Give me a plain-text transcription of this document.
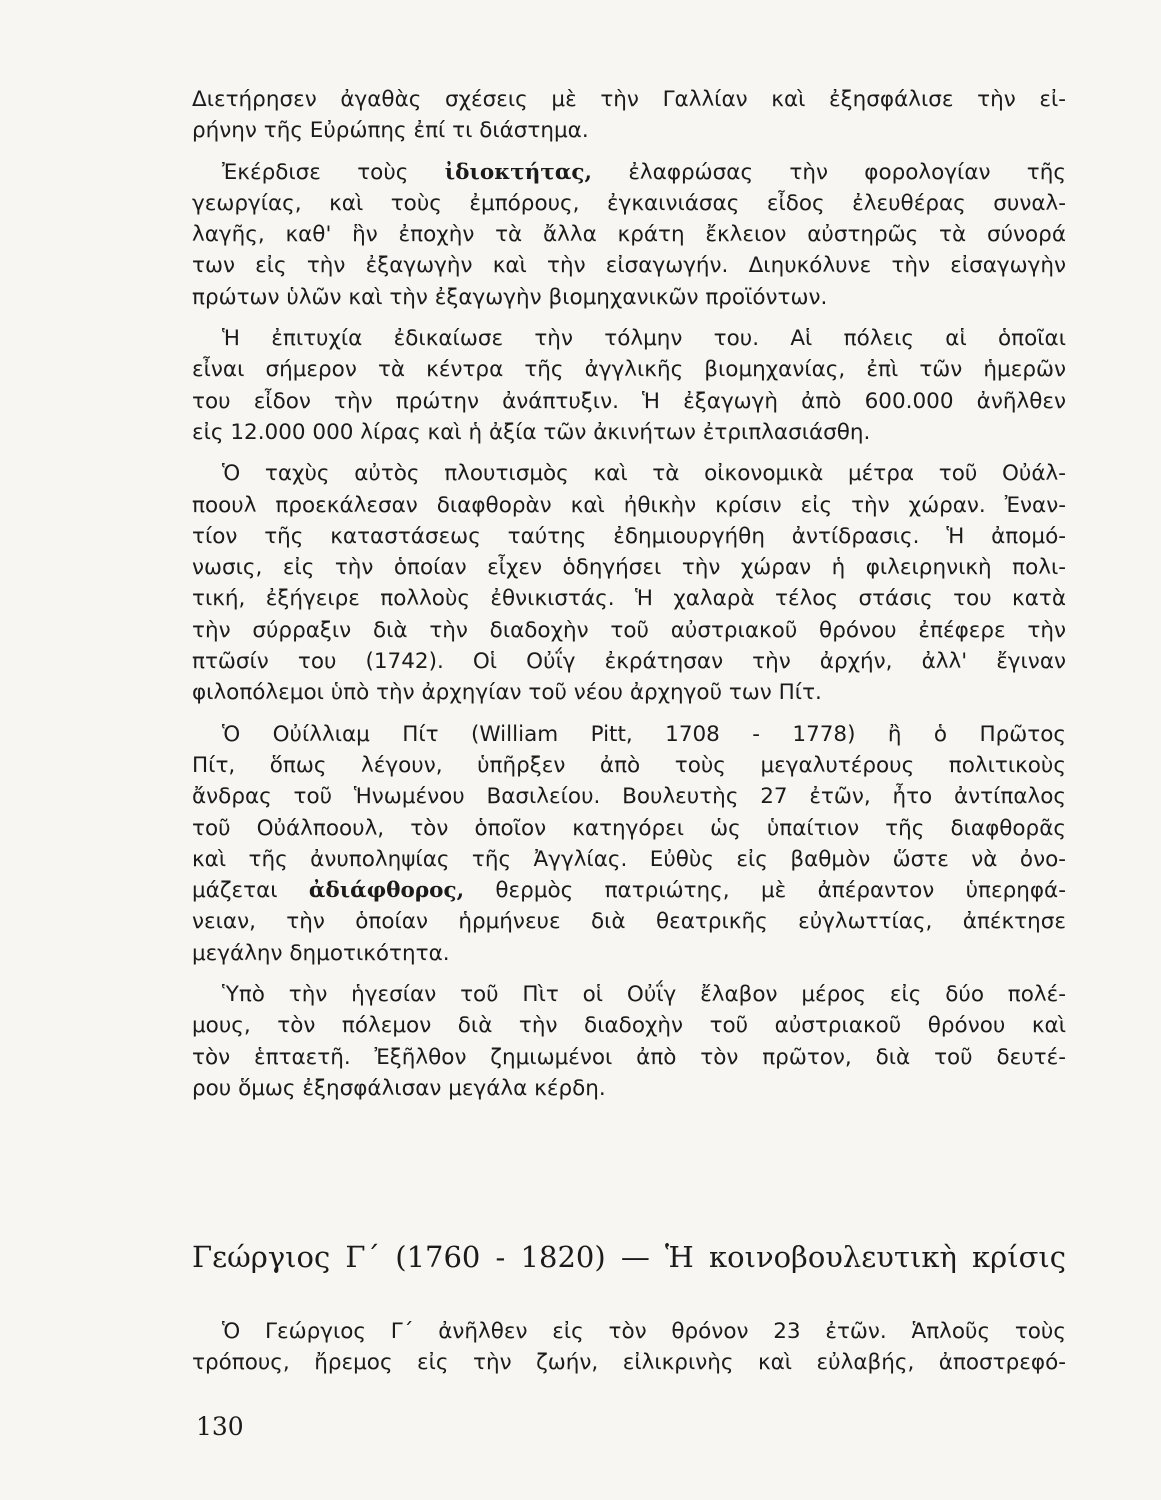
Διετήρησεν ἀγαθὰς σχέσεις μὲ τὴν Γαλλίαν καὶ ἐξησφάλισε τὴν εἰ-
ρήνην τῆς Εὐρώπης ἐπί τι διάστημα.
Ἐκέρδισε τοὺς ἰδιοκτήτας, ἐλαφρώσας τὴν φορολογίαν τῆς
γεωργίας, καὶ τοὺς ἐμπόρους, ἐγκαινιάσας εἶδος ἐλευθέρας συναλ-
λαγῆς, καθ' ἣν ἐποχὴν τὰ ἄλλα κράτη ἔκλειον αὐστηρῶς τὰ σύνορά
των εἰς τὴν ἐξαγωγὴν καὶ τὴν εἰσαγωγήν. Διηυκόλυνε τὴν εἰσαγωγὴν
πρώτων ὑλῶν καὶ τὴν ἐξαγωγὴν βιομηχανικῶν προϊόντων.
Ἡ ἐπιτυχία ἐδικαίωσε τὴν τόλμην του. Αἱ πόλεις αἱ ὁποῖαι
εἶναι σήμερον τὰ κέντρα τῆς ἀγγλικῆς βιομηχανίας, ἐπὶ τῶν ἡμερῶν
του εἶδον τὴν πρώτην ἀνάπτυξιν. Ἡ ἐξαγωγὴ ἀπὸ 600.000 ἀνῆλθεν
εἰς 12.000 000 λίρας καὶ ἡ ἀξία τῶν ἀκινήτων ἐτριπλασιάσθη.
Ὁ ταχὺς αὐτὸς πλουτισμὸς καὶ τὰ οἰκονομικὰ μέτρα τοῦ Οὐάλ-
ποουλ προεκάλεσαν διαφθορὰν καὶ ἠθικὴν κρίσιν εἰς τὴν χώραν. Ἐναν-
τίον τῆς καταστάσεως ταύτης ἐδημιουργήθη ἀντίδρασις. Ἡ ἀπομό-
νωσις, εἰς τὴν ὁποίαν εἶχεν ὁδηγήσει τὴν χώραν ἡ φιλειρηνικὴ πολι-
τική, ἐξήγειρε πολλοὺς ἐθνικιστάς. Ἡ χαλαρὰ τέλος στάσις του κατὰ
τὴν σύρραξιν διὰ τὴν διαδοχὴν τοῦ αὐστριακοῦ θρόνου ἐπέφερε τὴν
πτῶσίν του (1742). Οἱ Οὐΐγ ἐκράτησαν τὴν ἀρχήν, ἀλλ' ἔγιναν
φιλοπόλεμοι ὑπὸ τὴν ἀρχηγίαν τοῦ νέου ἀρχηγοῦ των Πίτ.
Ὁ Οὐίλλιαμ Πίτ (William Pitt, 1708 - 1778) ἢ ὁ Πρῶτος
Πίτ, ὅπως λέγουν, ὑπῆρξεν ἀπὸ τοὺς μεγαλυτέρους πολιτικοὺς
ἄνδρας τοῦ Ἡνωμένου Βασιλείου. Βουλευτὴς 27 ἐτῶν, ἦτο ἀντίπαλος
τοῦ Οὐάλποουλ, τὸν ὁποῖον κατηγόρει ὡς ὑπαίτιον τῆς διαφθορᾶς
καὶ τῆς ἀνυποληψίας τῆς Ἀγγλίας. Εὐθὺς εἰς βαθμὸν ὥστε νὰ ὀνο-
μάζεται ἀδιάφθορος, θερμὸς πατριώτης, μὲ ἀπέραντον ὑπερηφά-
νειαν, τὴν ὁποίαν ἡρμήνευε διὰ θεατρικῆς εὐγλωττίας, ἀπέκτησε
μεγάλην δημοτικότητα.
Ὑπὸ τὴν ἡγεσίαν τοῦ Πὶτ οἱ Οὐΐγ ἔλαβον μέρος εἰς δύο πολέ-
μους, τὸν πόλεμον διὰ τὴν διαδοχὴν τοῦ αὐστριακοῦ θρόνου καὶ
τὸν ἑπταετῆ. Ἐξῆλθον ζημιωμένοι ἀπὸ τὸν πρῶτον, διὰ τοῦ δευτέ-
ρου ὅμως ἐξησφάλισαν μεγάλα κέρδη.
Γεώργιος Γ΄ (1760 - 1820) — Ἡ κοινοβουλευτικὴ κρίσις
Ὁ Γεώργιος Γ΄ ἀνῆλθεν εἰς τὸν θρόνον 23 ἐτῶν. Ἁπλοῦς τοὺς
τρόπους, ἤρεμος εἰς τὴν ζωήν, εἰλικρινὴς καὶ εὐλαβής, ἀποστρεφό-
130
